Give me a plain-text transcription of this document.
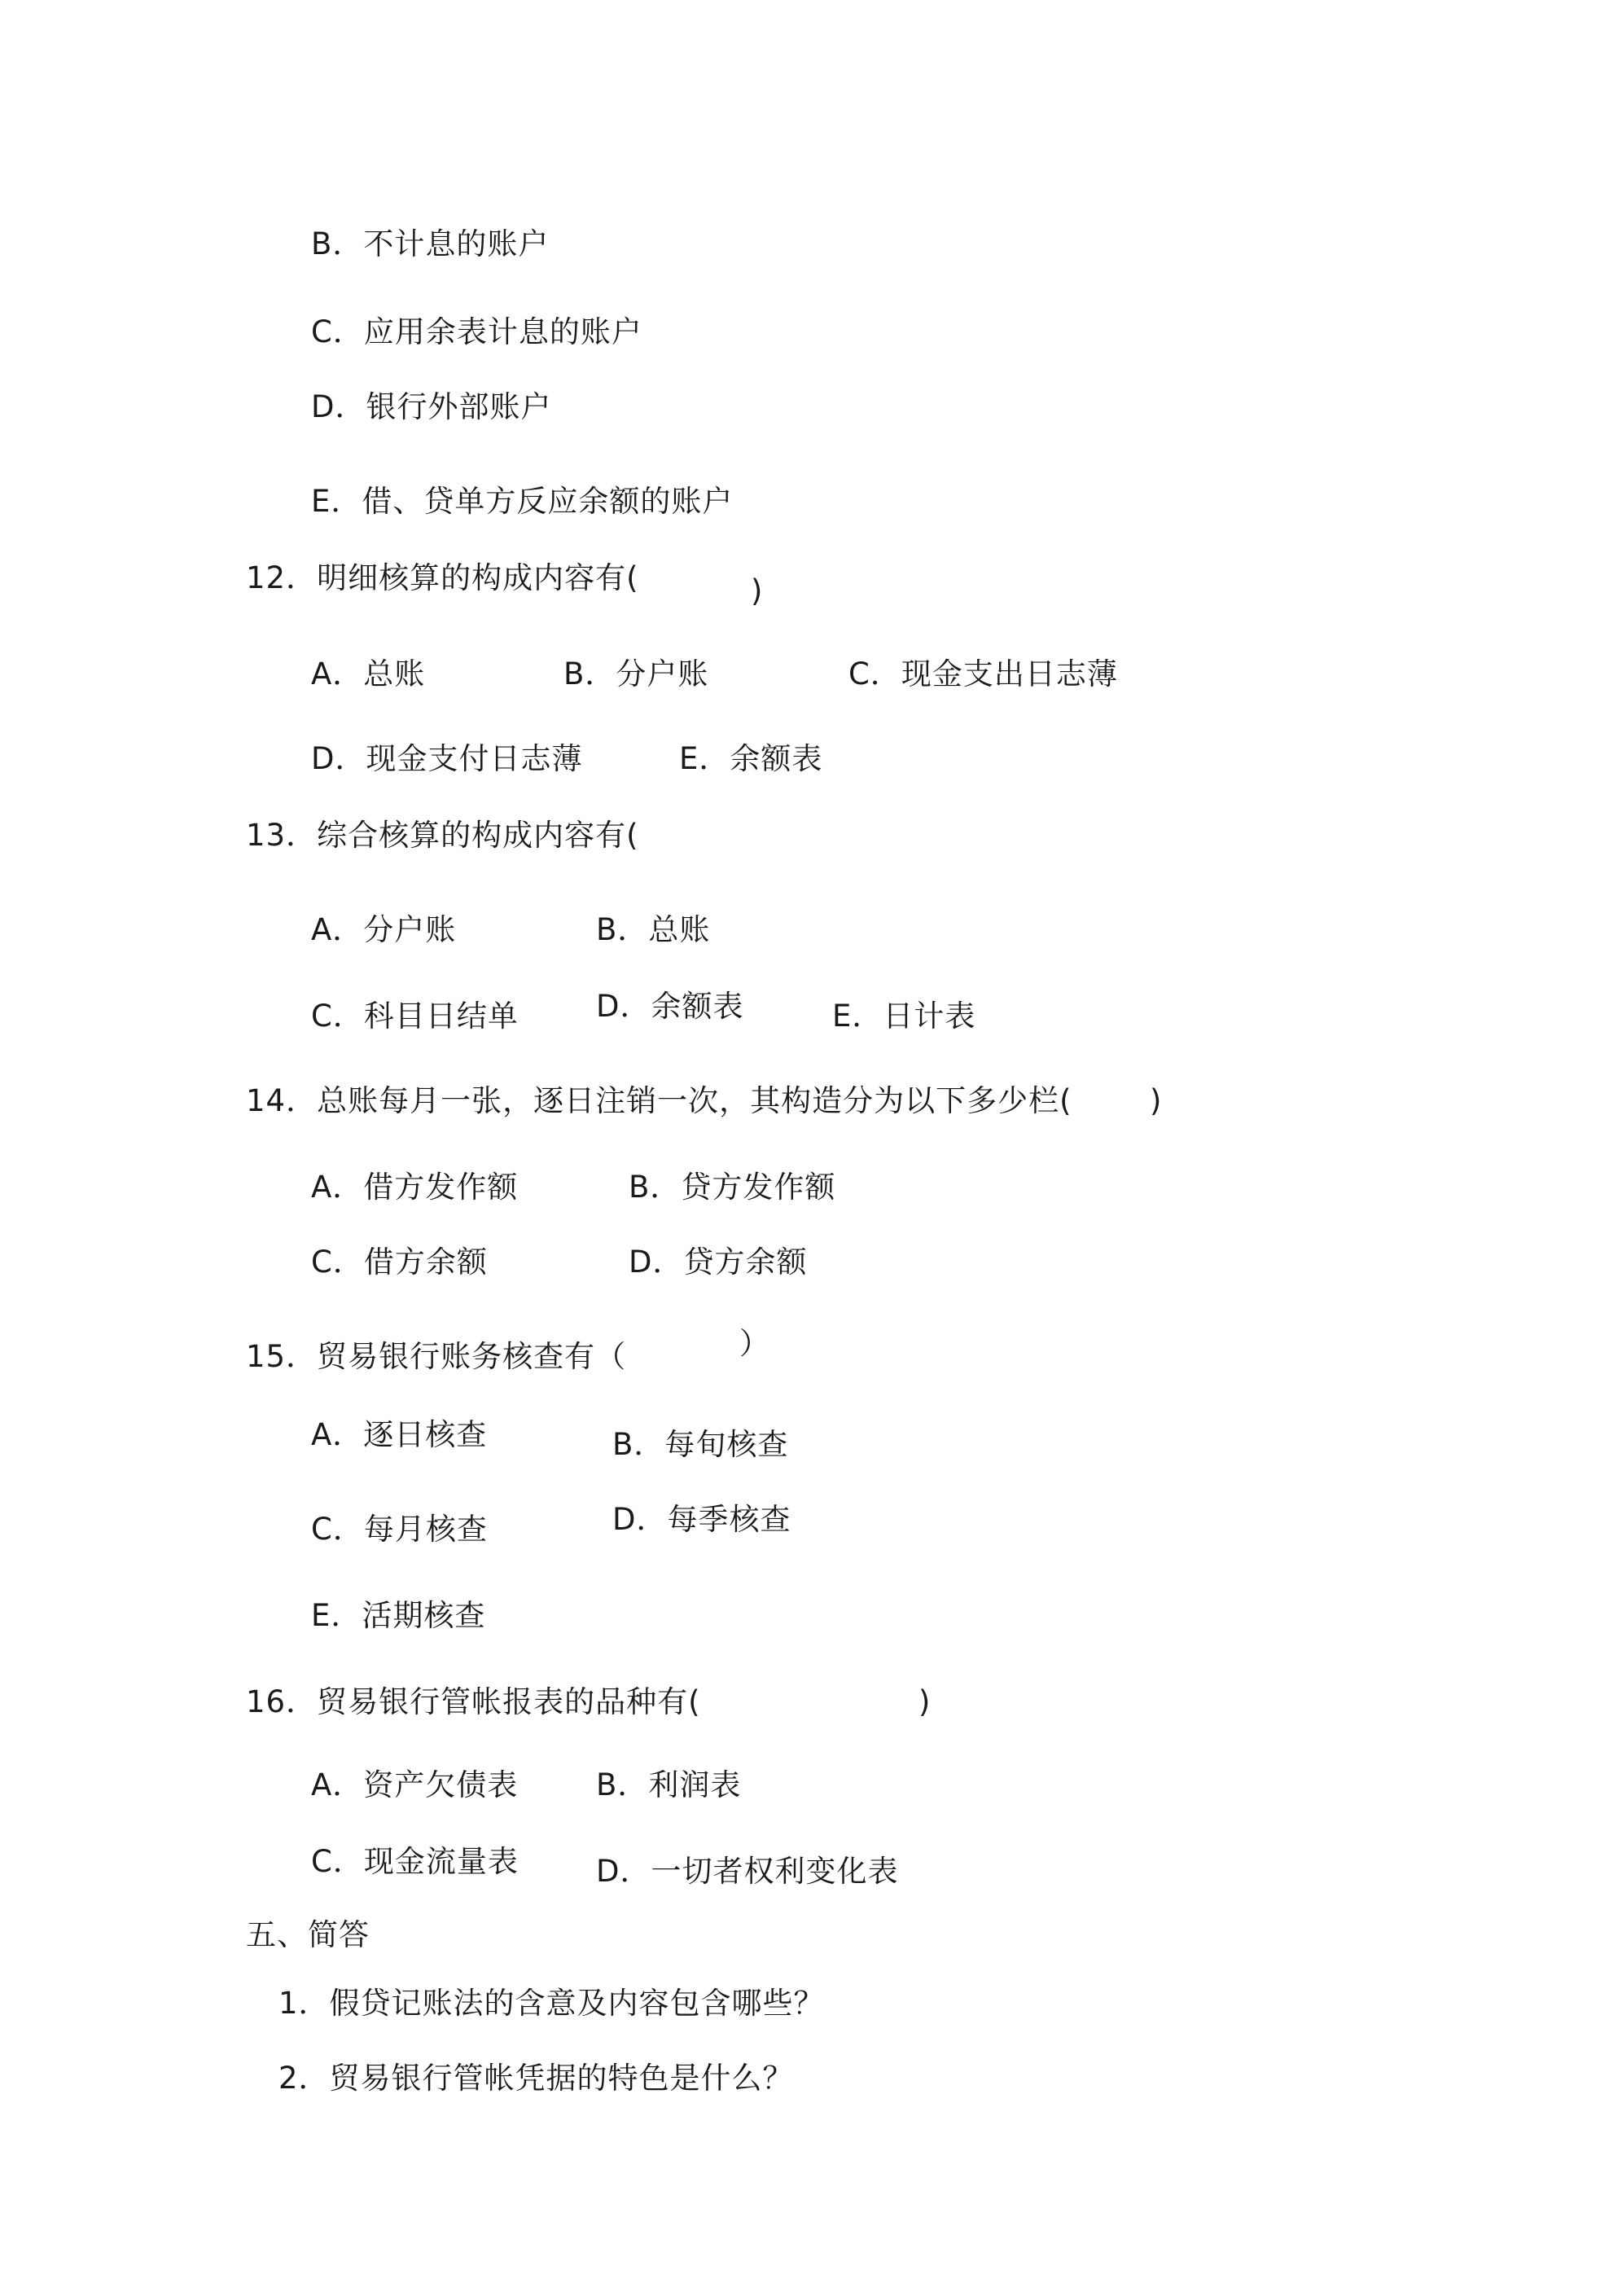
B．不计息的账户
C．应用余表计息的账户
D．银行外部账户
E．借、贷单方反应余额的账户
12．明细核算的构成内容有(	)
A．总账	B．分户账	C．现金支出日志薄
D．现金支付日志薄	E．余额表
13．综合核算的构成内容有(
A．分户账	B．总账
C．科目日结单	D．余额表	E．日计表
14．总账每月一张，逐日注销一次，其构造分为以下多少栏(	)
A．借方发作额	B．贷方发作额
C．借方余额	D．贷方余额
15．贸易银行账务核查有（	）
A．逐日核查	B．每旬核查
C．每月核查	D．每季核查
E．活期核查
16．贸易银行管帐报表的品种有(	)
A．资产欠债表	B．利润表
C．现金流量表	D．一切者权利变化表
五、简答
1．假贷记账法的含意及内容包含哪些？
2．贸易银行管帐凭据的特色是什么？
